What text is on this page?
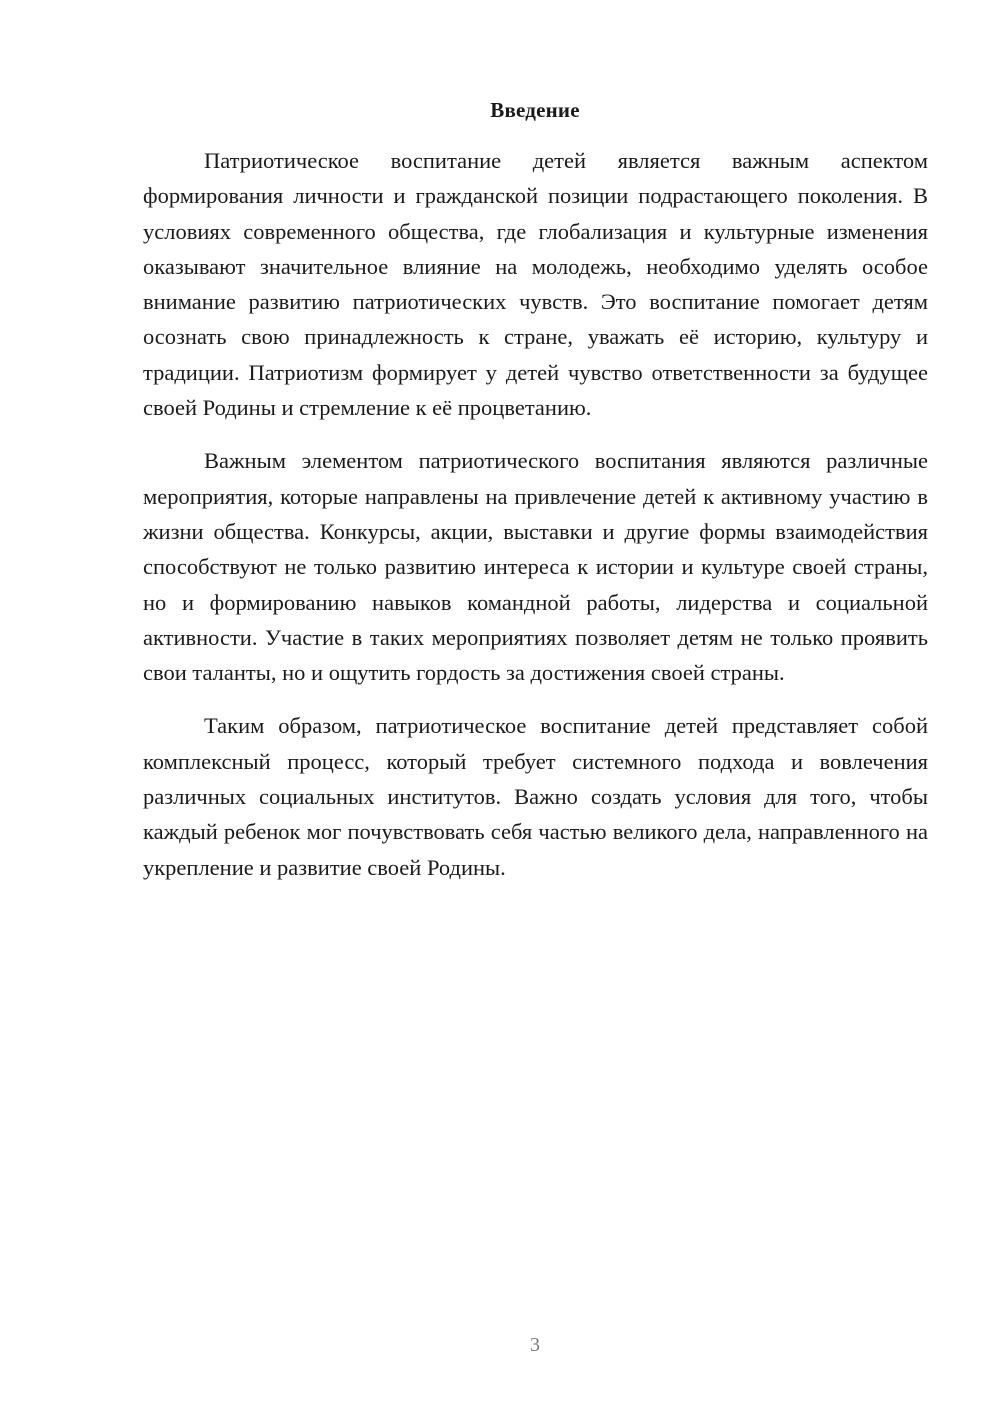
Введение

Патриотическое воспитание детей является важным аспектом формирования личности и гражданской позиции подрастающего поколения. В условиях современного общества, где глобализация и культурные изменения оказывают значительное влияние на молодежь, необходимо уделять особое внимание развитию патриотических чувств. Это воспитание помогает детям осознать свою принадлежность к стране, уважать её историю, культуру и традиции. Патриотизм формирует у детей чувство ответственности за будущее своей Родины и стремление к её процветанию.

Важным элементом патриотического воспитания являются различные мероприятия, которые направлены на привлечение детей к активному участию в жизни общества. Конкурсы, акции, выставки и другие формы взаимодействия способствуют не только развитию интереса к истории и культуре своей страны, но и формированию навыков командной работы, лидерства и социальной активности. Участие в таких мероприятиях позволяет детям не только проявить свои таланты, но и ощутить гордость за достижения своей страны.

Таким образом, патриотическое воспитание детей представляет собой комплексный процесс, который требует системного подхода и вовлечения различных социальных институтов. Важно создать условия для того, чтобы каждый ребенок мог почувствовать себя частью великого дела, направленного на укрепление и развитие своей Родины.

3
